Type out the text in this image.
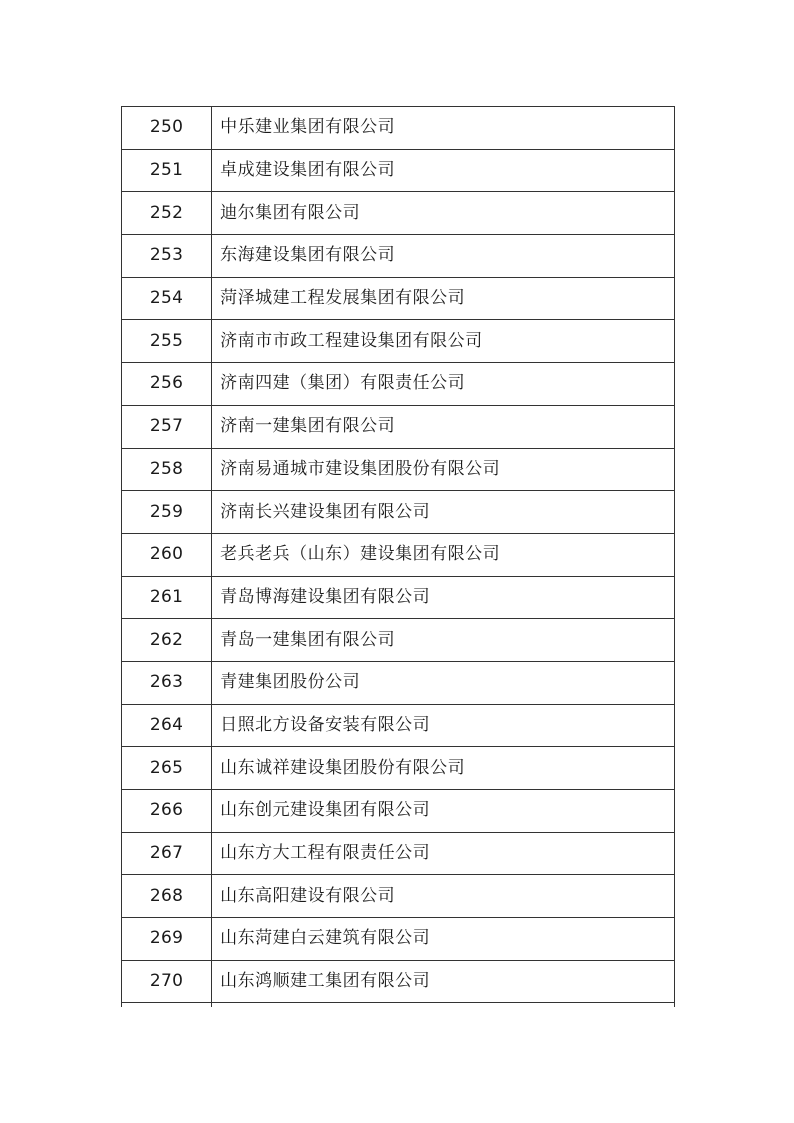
250	中乐建业集团有限公司
251	卓成建设集团有限公司
252	迪尔集团有限公司
253	东海建设集团有限公司
254	菏泽城建工程发展集团有限公司
255	济南市市政工程建设集团有限公司
256	济南四建（集团）有限责任公司
257	济南一建集团有限公司
258	济南易通城市建设集团股份有限公司
259	济南长兴建设集团有限公司
260	老兵老兵（山东）建设集团有限公司
261	青岛博海建设集团有限公司
262	青岛一建集团有限公司
263	青建集团股份公司
264	日照北方设备安装有限公司
265	山东诚祥建设集团股份有限公司
266	山东创元建设集团有限公司
267	山东方大工程有限责任公司
268	山东高阳建设有限公司
269	山东菏建白云建筑有限公司
270	山东鸿顺建工集团有限公司
